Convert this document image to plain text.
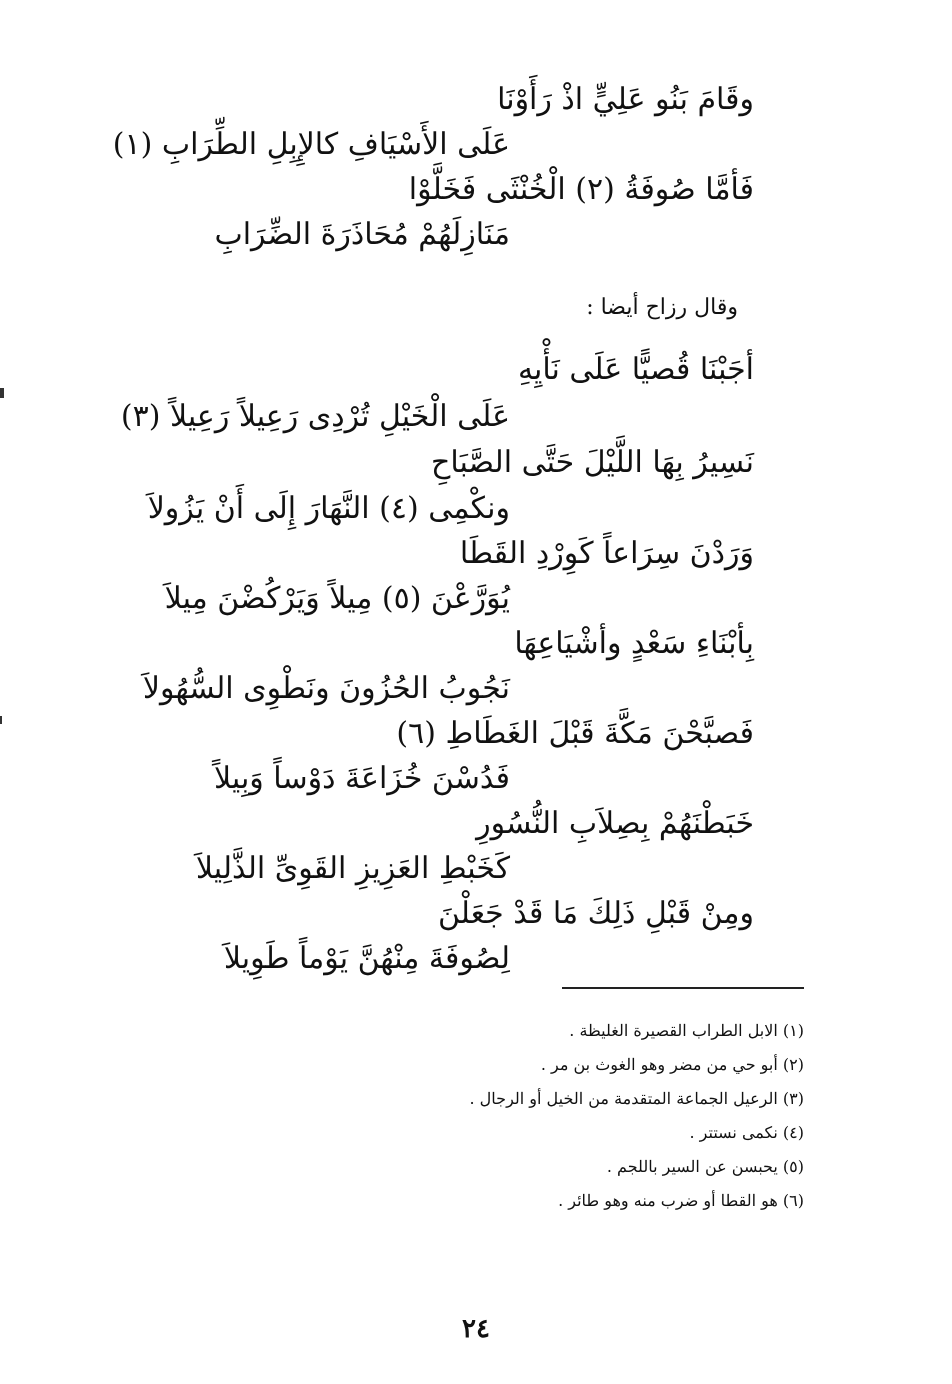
وقَامَ بَنُو عَلِيٍّ اذْ رَأَوْنَا
عَلَى الأَسْيَافِ كالإِبِلِ الطِّرَابِ (١)
فَأمَّا صُوفَةُ (٢) الْخُنْثَى فَخَلَّوْا
مَنَازِلَهُمْ مُحَاذَرَةَ الضِّرَابِ
وقال رزاح أيضا :
أجَبْنَا قُصيًّا عَلَى نَأْيِهِ
عَلَى الْخَيْلِ تُرْدِى رَعِيلاً رَعِيلاً (٣)
نَسِيرُ بِهَا اللَّيْلَ حَتَّى الصَّبَاحِ
ونكْمِى (٤) النَّهَارَ إِلَى أَنْ يَزُولاَ
وَرَدْنَ سِرَاعاً كَوِرْدِ القَطَا
يُوَرَّعْنَ (٥) مِيلاً وَيَرْكُضْنَ مِيلاَ
بِأبْنَاءِ سَعْدٍ وأشْيَاعِهَا
نَجُوبُ الحُزُونَ ونَطْوِى السُّهُولاَ
فَصبَّحْنَ مَكَّةَ قَبْلَ الغَطَاطِ (٦)
فَدُسْنَ خُزَاعَةَ دَوْساً وَبِيلاً
خَبَطْنَهُمْ بِصِلاَبِ النُّسُورِ
كَخَبْطِ العَزِيزِ القَوِىِّ الذَّلِيلاَ
ومِنْ قَبْلِ ذَلِكَ مَا قَدْ جَعَلْنَ
لِصُوفَةَ مِنْهُنَّ يَوْماً طَوِيلاَ
(١) الابل الطراب القصيرة الغليظة .
(٢) أبو حي من مضر وهو الغوث بن مر .
(٣) الرعيل الجماعة المتقدمة من الخيل أو الرجال .
(٤) نكمى نستتر .
(٥) يحبسن عن السير باللجم .
(٦) هو القطا أو ضرب منه وهو طائر .
٢٤
